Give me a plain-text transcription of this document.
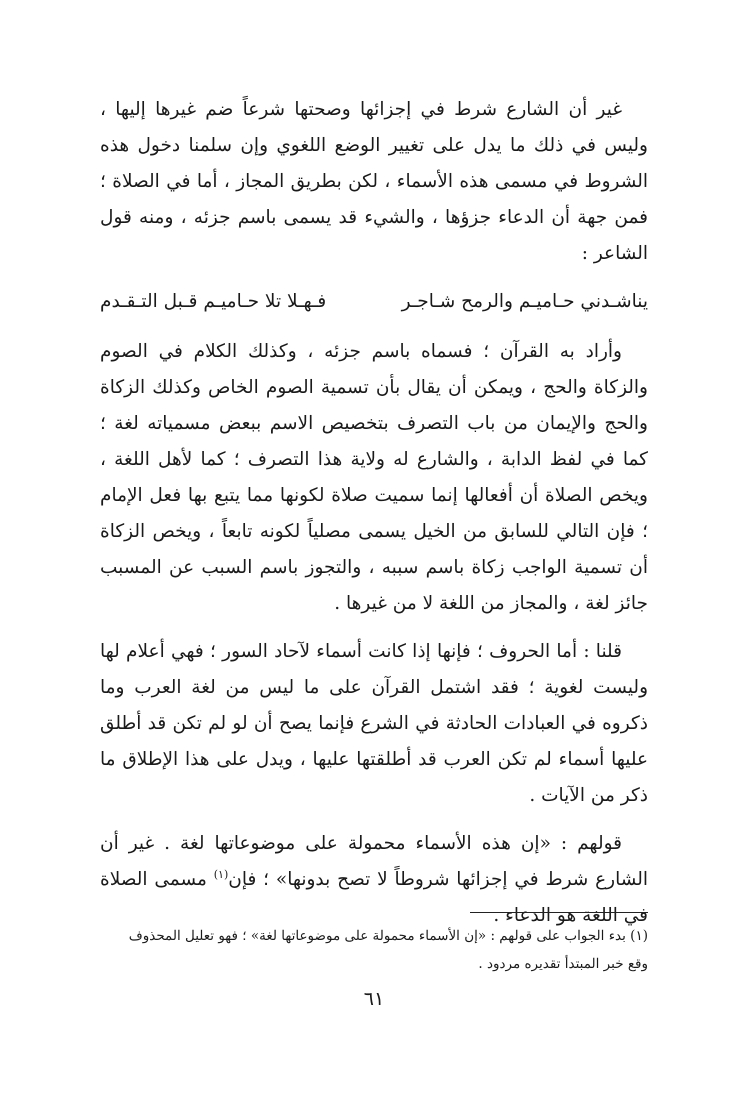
غير أن الشارع شرط في إجزائها وصحتها شرعاً ضم غيرها إليها ، وليس في ذلك ما يدل على تغيير الوضع اللغوي وإن سلمنا دخول هذه الشروط في مسمى هذه الأسماء ، لكن بطريق المجاز ، أما في الصلاة ؛ فمن جهة أن الدعاء جزؤها ، والشيء قد يسمى باسم جزئه ، ومنه قول الشاعر :

يناشـدني حـاميـم والرمح شـاجـر
فـهـلا تلا حـاميـم قـبل التـقـدم

وأراد به القرآن ؛ فسماه باسم جزئه ، وكذلك الكلام في الصوم والزكاة والحج ، ويمكن أن يقال بأن تسمية الصوم الخاص وكذلك الزكاة والحج والإيمان من باب التصرف بتخصيص الاسم ببعض مسمياته لغة ؛ كما في لفظ الدابة ، والشارع له ولاية هذا التصرف ؛ كما لأهل اللغة ، ويخص الصلاة أن أفعالها إنما سميت صلاة لكونها مما يتبع بها فعل الإمام ؛ فإن التالي للسابق من الخيل يسمى مصلياً لكونه تابعاً ، ويخص الزكاة أن تسمية الواجب زكاة باسم سببه ، والتجوز باسم السبب عن المسبب جائز لغة ، والمجاز من اللغة لا من غيرها .

قلنا : أما الحروف ؛ فإنها إذا كانت أسماء لآحاد السور ؛ فهي أعلام لها وليست لغوية ؛ فقد اشتمل القرآن على ما ليس من لغة العرب وما ذكروه في العبادات الحادثة في الشرع فإنما يصح أن لو لم تكن قد أطلق عليها أسماء لم تكن العرب قد أطلقتها عليها ، ويدل على هذا الإطلاق ما ذكر من الآيات .

قولهم : «إن هذه الأسماء محمولة على موضوعاتها لغة . غير أن الشارع شرط في إجزائها شروطاً لا تصح بدونها» ؛ فإن$^{(١)}$ مسمى الصلاة في اللغة هو الدعاء .

(١) بدء الجواب على قولهم : «إن الأسماء محمولة على موضوعاتها لغة» ؛ فهو تعليل المحذوف

وقع خبر المبتدأ تقديره مردود .

٦١
